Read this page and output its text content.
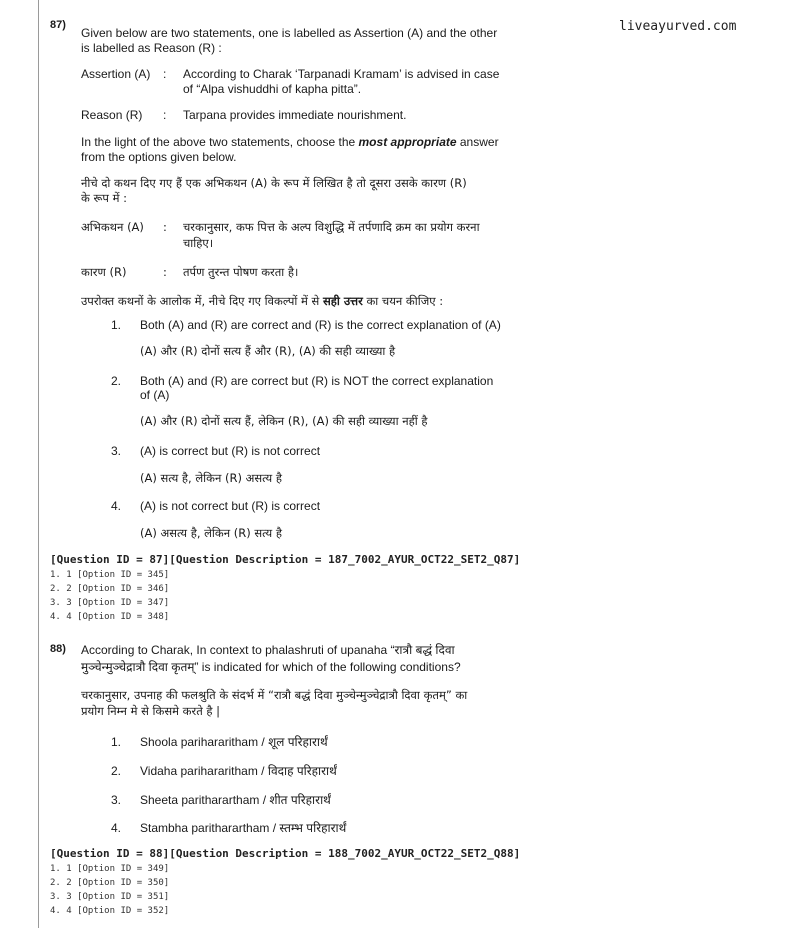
liveayurved.com
87)
Given below are two statements, one is labelled as Assertion (A) and the other
is labelled as Reason (R) :
Assertion (A) : According to Charak ‘Tarpanadi Kramam’ is advised in case
of “Alpa vishuddhi of kapha pitta”.
Reason (R) : Tarpana provides immediate nourishment.
In the light of the above two statements, choose the most appropriate answer
from the options given below.
नीचे दो कथन दिए गए हैं एक अभिकथन (A) के रूप में लिखित है तो दूसरा उसके कारण (R)
के रूप में :
अभिकथन (A) : चरकानुसार, कफ पित्त के अल्प विशुद्धि में तर्पणादि क्रम का प्रयोग करना
चाहिए।
कारण (R)	: तर्पण तुरन्त पोषण करता है।
उपरोक्त कथनों के आलोक में, नीचे दिए गए विकल्पों में से सही उत्तर का चयन कीजिए :
1. Both (A) and (R) are correct and (R) is the correct explanation of (A)
(A) और (R) दोनों सत्य हैं और (R), (A) की सही व्याख्या है
2. Both (A) and (R) are correct but (R) is NOT the correct explanation
of (A)
(A) और (R) दोनों सत्य हैं, लेकिन (R), (A) की सही व्याख्या नहीं है
3. (A) is correct but (R) is not correct
(A) सत्य है, लेकिन (R) असत्य है
4. (A) is not correct but (R) is correct
(A) असत्य है, लेकिन (R) सत्य है
[Question ID = 87][Question Description = 187_7002_AYUR_OCT22_SET2_Q87]
1. 1 [Option ID = 345]
2. 2 [Option ID = 346]
3. 3 [Option ID = 347]
4. 4 [Option ID = 348]
88) According to Charak, In context to phalashruti of upanaha “रात्रौ बद्धं दिवा
मुञ्चेन्मुञ्चेद्रात्रौ दिवा कृतम्” is indicated for which of the following conditions?
चरकानुसार, उपनाह की फलश्रुति के संदर्भ में “रात्रौ बद्धं दिवा मुञ्चेन्मुञ्चेद्रात्रौ दिवा कृतम्” का
प्रयोग निम्न मे से किसमे करते है |
1. Shoola parihararitham / शूल परिहारार्थं
2. Vidaha parihararitham / विदाह परिहारार्थं
3. Sheeta paritharartham / शीत परिहारार्थं
4. Stambha paritharartham / स्तम्भ परिहारार्थं
[Question ID = 88][Question Description = 188_7002_AYUR_OCT22_SET2_Q88]
1. 1 [Option ID = 349]
2. 2 [Option ID = 350]
3. 3 [Option ID = 351]
4. 4 [Option ID = 352]
